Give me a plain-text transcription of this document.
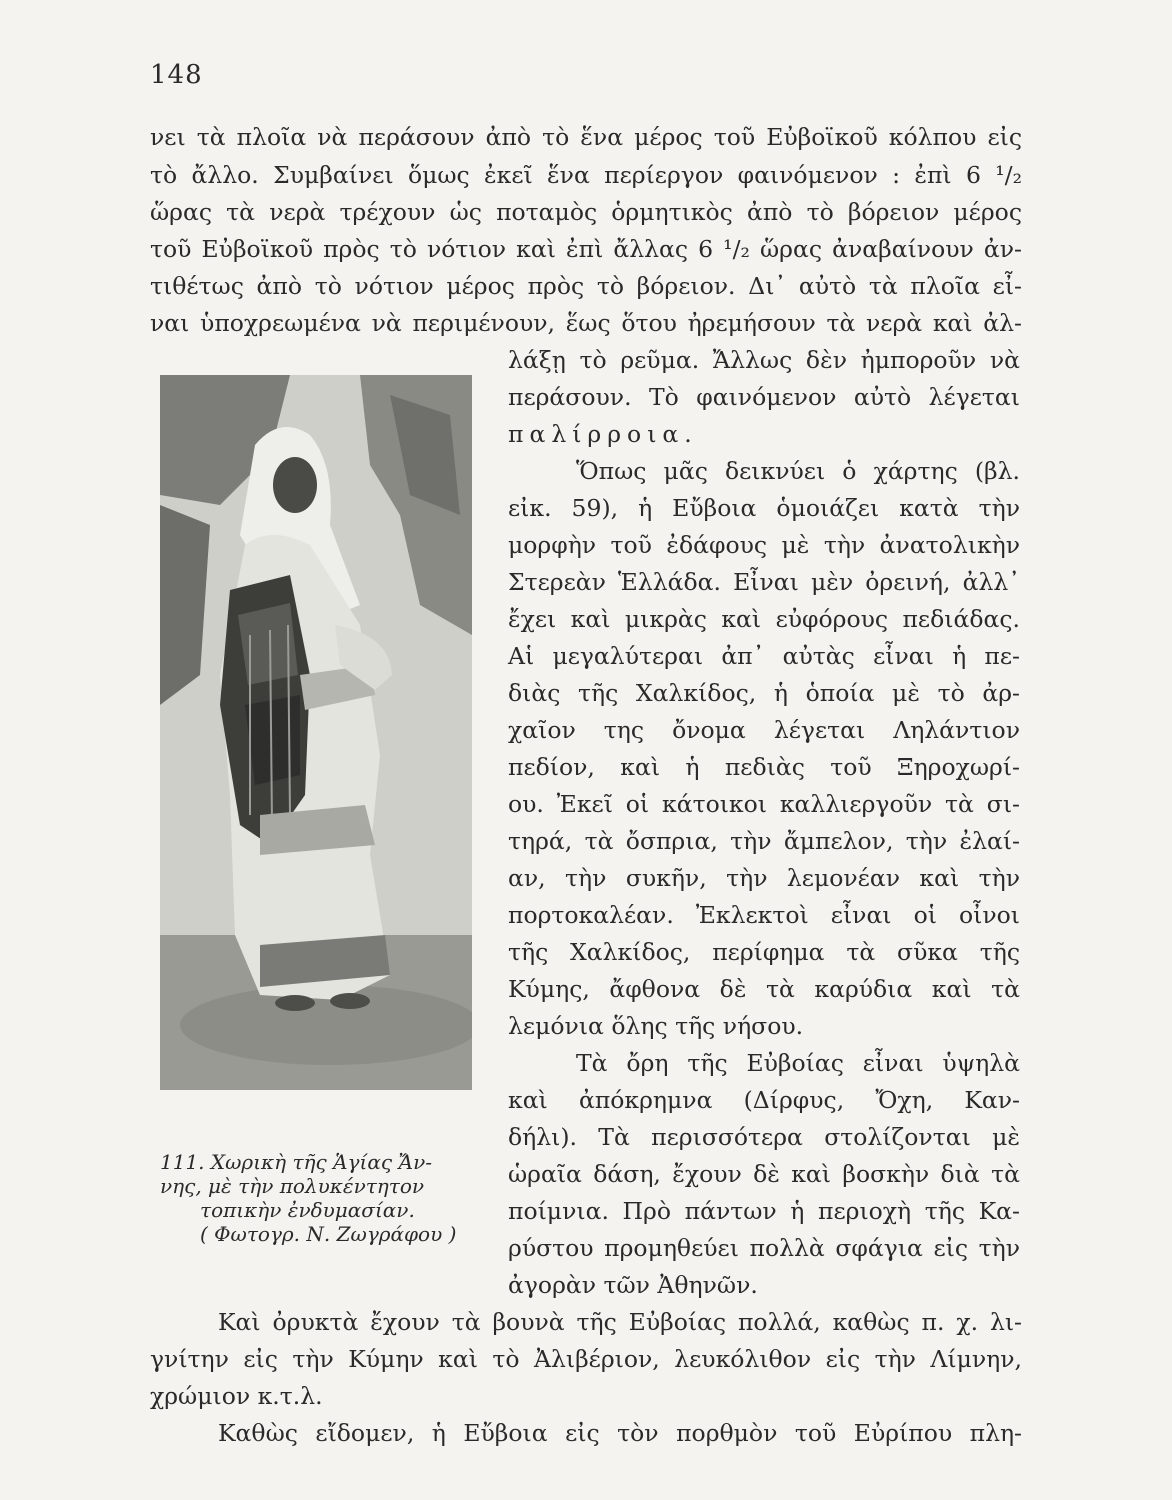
148
νει τὰ πλοῖα νὰ περάσουν ἀπὸ τὸ ἕνα μέρος τοῦ Εὐβοϊκοῦ κόλπου εἰς
τὸ ἄλλο. Συμβαίνει ὅμως ἐκεῖ ἕνα περίεργον φαινόμενον : ἐπὶ 6 ¹/₂
ὥρας τὰ νερὰ τρέχουν ὡς ποταμὸς ὁρμητικὸς ἀπὸ τὸ βόρειον μέρος
τοῦ Εὐβοϊκοῦ πρὸς τὸ νότιον καὶ ἐπὶ ἄλλας 6 ¹/₂ ὥρας ἀναβαίνουν ἀν-
τιθέτως ἀπὸ τὸ νότιον μέρος πρὸς τὸ βόρειον. Δι᾽ αὐτὸ τὰ πλοῖα εἶ-
ναι ὑποχρεωμένα νὰ περιμένουν, ἕως ὅτου ἠρεμήσουν τὰ νερὰ καὶ ἀλ-
λάξῃ τὸ ρεῦμα. Ἄλλως δὲν ἠμποροῦν νὰ
περάσουν. Τὸ φαινόμενον αὐτὸ λέγεται
παλίρροια.
Ὅπως μᾶς δεικνύει ὁ χάρτης (βλ.
εἰκ. 59), ἡ Εὔβοια ὁμοιάζει κατὰ τὴν
μορφὴν τοῦ ἐδάφους μὲ τὴν ἀνατολικὴν
Στερεὰν Ἑλλάδα. Εἶναι μὲν ὀρεινή, ἀλλ᾽
ἔχει καὶ μικρὰς καὶ εὐφόρους πεδιάδας.
Αἱ μεγαλύτεραι ἀπ᾽ αὐτὰς εἶναι ἡ πε-
διὰς τῆς Χαλκίδος, ἡ ὁποία μὲ τὸ ἀρ-
χαῖον της ὄνομα λέγεται Ληλάντιον
πεδίον, καὶ ἡ πεδιὰς τοῦ Ξηροχωρί-
ου. Ἐκεῖ οἱ κάτοικοι καλλιεργοῦν τὰ σι-
τηρά, τὰ ὄσπρια, τὴν ἄμπελον, τὴν ἐλαί-
αν, τὴν συκῆν, τὴν λεμονέαν καὶ τὴν
πορτοκαλέαν. Ἐκλεκτοὶ εἶναι οἱ οἶνοι
τῆς Χαλκίδος, περίφημα τὰ σῦκα τῆς
Κύμης, ἄφθονα δὲ τὰ καρύδια καὶ τὰ
λεμόνια ὅλης τῆς νήσου.
Τὰ ὄρη τῆς Εὐβοίας εἶναι ὑψηλὰ
καὶ ἀπόκρημνα (Δίρφυς, Ὄχη, Καν-
δήλι). Τὰ περισσότερα στολίζονται μὲ
ὡραῖα δάση, ἔχουν δὲ καὶ βοσκὴν διὰ τὰ
ποίμνια. Πρὸ πάντων ἡ περιοχὴ τῆς Κα-
ρύστου προμηθεύει πολλὰ σφάγια εἰς τὴν
ἀγορὰν τῶν Ἀθηνῶν.
111. Χωρικὴ τῆς Ἁγίας Ἄν-
νης, μὲ τὴν πολυκέντητον
τοπικὴν ἐνδυμασίαν.
( Φωτογρ. Ν. Ζωγράφου )
Καὶ ὀρυκτὰ ἔχουν τὰ βουνὰ τῆς Εὐβοίας πολλά, καθὼς π. χ. λι-
γνίτην εἰς τὴν Κύμην καὶ τὸ Ἀλιβέριον, λευκόλιθον εἰς τὴν Λίμνην,
χρώμιον κ.τ.λ.
Καθὼς εἴδομεν, ἡ Εὔβοια εἰς τὸν πορθμὸν τοῦ Εὐρίπου πλη-
